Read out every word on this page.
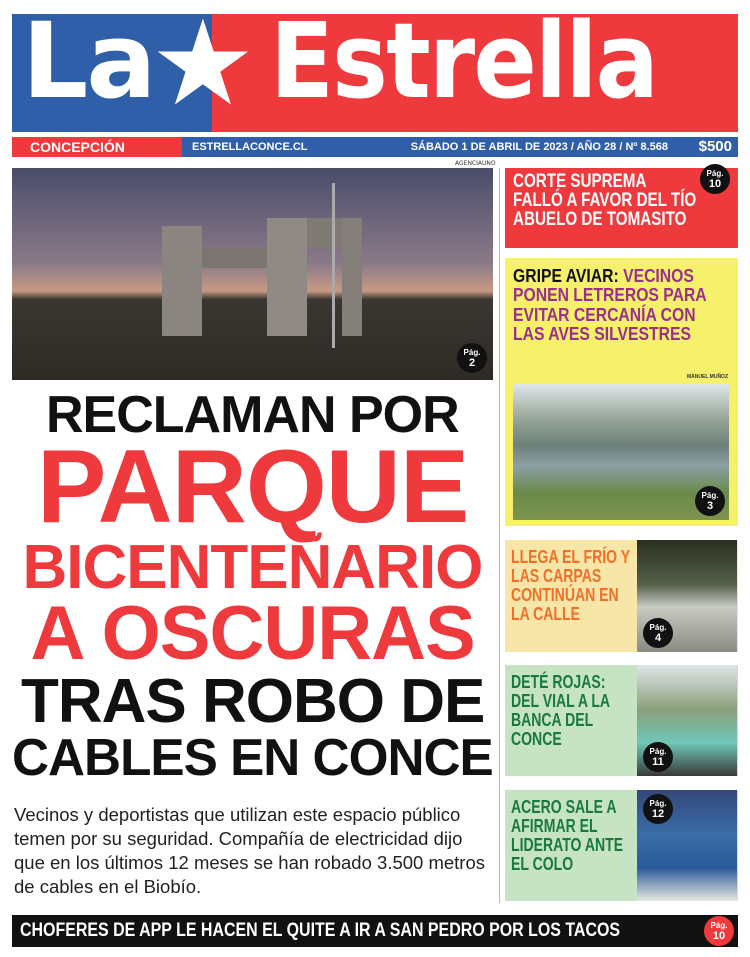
La
★ Estrella
CONCEPCIÓN	ESTRELLACONCE.CL	SÁBADO 1 DE ABRIL DE 2023 / AÑO 28 / Nº 8.568 $500
AGENCIAUNO
Pág.
2
RECLAMAN POR
PARQUE
BICENTEÑARIO
A OSCURAS
TRAS ROBO DE
CABLES EN CONCE
Vecinos y deportistas que utilizan este espacio público temen por su seguridad. Compañía de electricidad dijo que en los últimos 12 meses se han robado 3.500 metros de cables en el Biobío.
CORTE SUPREMA FALLÓ A FAVOR DEL TÍO ABUELO DE TOMASITO
Pág.
10
GRIPE AVIAR: VECINOS PONEN LETREROS PARA EVITAR CERCANÍA CON LAS AVES SILVESTRES
MANUEL MUÑOZ
Pág.
3
LLEGA EL FRÍO Y LAS CARPAS CONTINÚAN EN LA CALLE
Pág.
4
DETÉ ROJAS: DEL VIAL A LA BANCA DEL CONCE
Pág.
11
ACERO SALE A AFIRMAR EL LIDERATO ANTE EL COLO
Pág.
12
CHOFERES DE APP LE HACEN EL QUITE A IR A SAN PEDRO POR LOS TACOS	Pág.
10
